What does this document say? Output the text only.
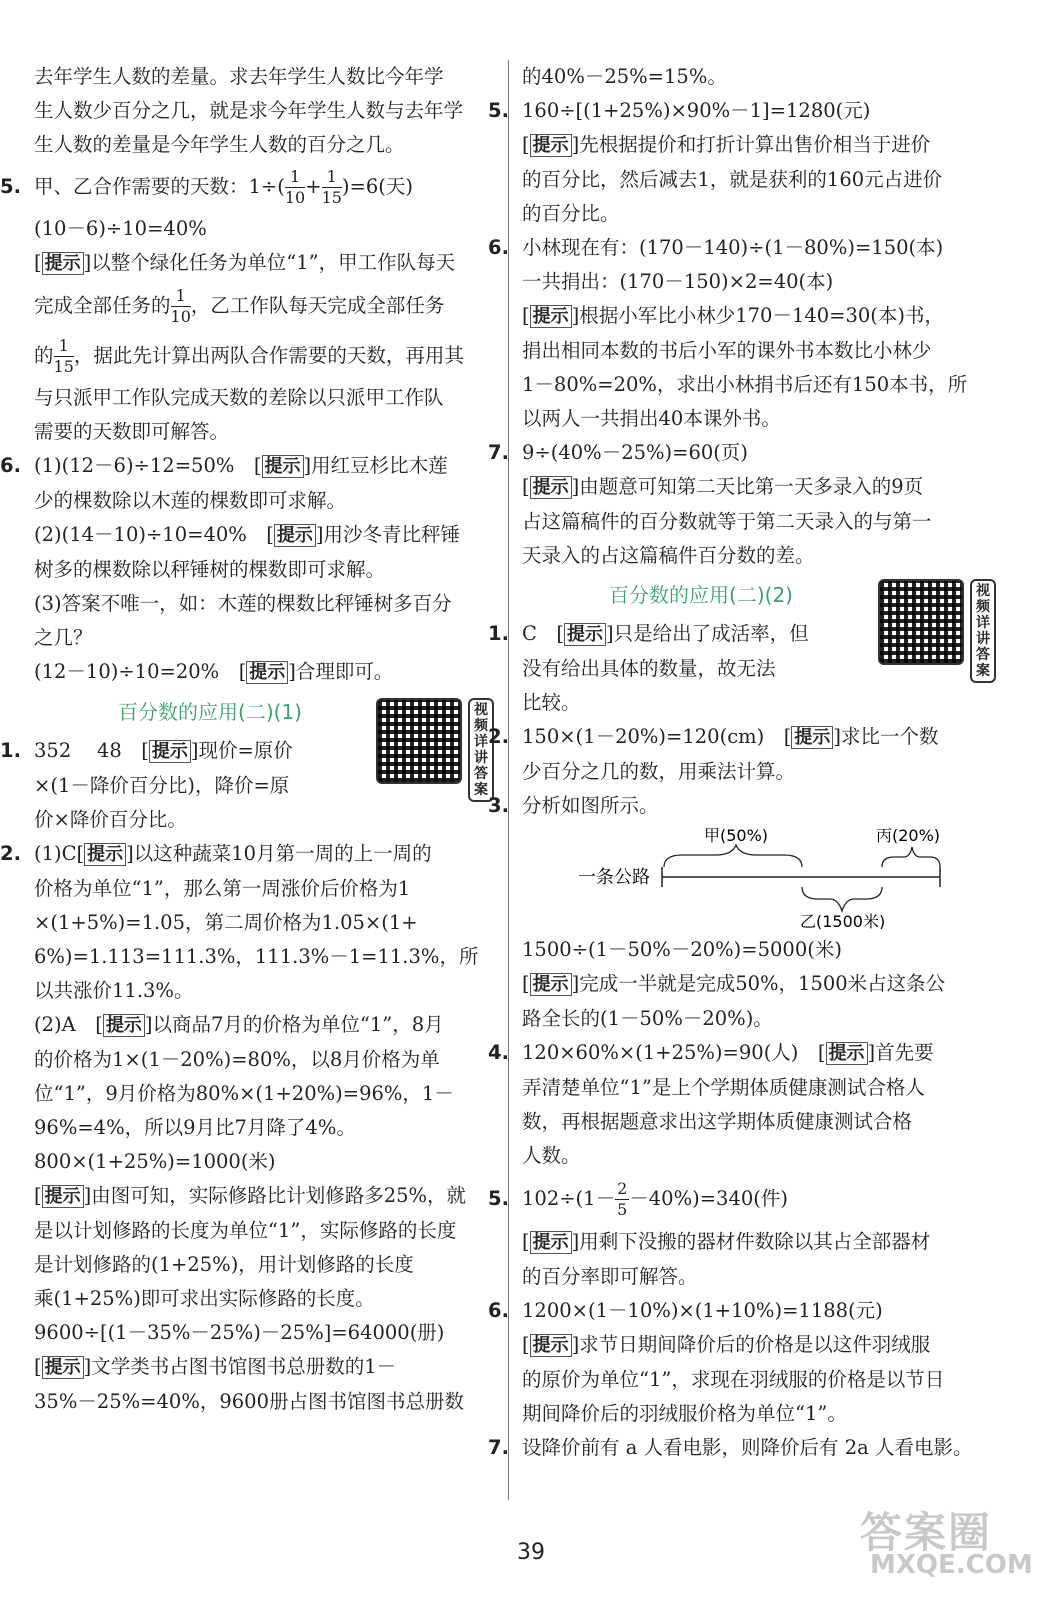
去年学生人数的差量。求去年学生人数比今年学

生人数少百分之几，就是求今年学生人数与去年学

生人数的差量是今年学生人数的百分之几。

5. 甲、乙合作需要的天数：$1\div( \frac{1}{10} + \frac{1}{15} )=6$(天)

(10－6)÷10=40%

[ 提示 ]以整个绿化任务为单位“1”，甲工作队每天

完成全部任务的 $\frac{1}{10}$ ，乙工作队每天完成全部任务

的 $\frac{1}{15}$ ，据此先计算出两队合作需要的天数，再用其

与只派甲工作队完成天数的差除以只派甲工作队

需要的天数即可解答。

6. (1)(12－6)÷12=50%　[ 提示 ]用红豆杉比木莲

少的棵数除以木莲的棵数即可求解。

(2)(14－10)÷10=40%　[ 提示 ]用沙冬青比秤锤

树多的棵数除以秤锤树的棵数即可求解。

(3)答案不唯一，如：木莲的棵数比秤锤树多百分

之几？

(12－10)÷10=20%　[ 提示 ]合理即可。

百分数的应用(二)(1)	视频详讲答案

1. 352　 48　[ 提示 ]现价=原价

×(1－降价百分比)，降价=原

价×降价百分比。

2. (1)C[ 提示 ]以这种蔬菜10月第一周的上一周的

价格为单位“1”，那么第一周涨价后价格为1

×(1+5%)=1.05，第二周价格为1.05×(1+

6%)=1.113=111.3%，111.3%－1=11.3%，所

以共涨价11.3%。

(2)A　[ 提示 ]以商品7月的价格为单位“1”，8月

的价格为1×(1－20%)=80%，以8月价格为单

位“1”，9月价格为80%×(1+20%)=96%，1－

96%=4%，所以9月比7月降了4%。

800×(1+25%)=1000(米)

[ 提示 ]由图可知，实际修路比计划修路多25%，就

是以计划修路的长度为单位“1”，实际修路的长度

是计划修路的(1+25%)，用计划修路的长度

乘(1+25%)即可求出实际修路的长度。

9600÷[(1－35%－25%)－25%]=64000(册)

[ 提示 ]文学类书占图书馆图书总册数的1－

35%－25%=40%，9600册占图书馆图书总册数

的40%－25%=15%。

5. 160÷[(1+25%)×90%－1]=1280(元)

[ 提示 ]先根据提价和打折计算出售价相当于进价

的百分比，然后减去1，就是获利的160元占进价

的百分比。

6. 小林现在有：(170－140)÷(1－80%)=150(本)

一共捐出：(170－150)×2=40(本)

[ 提示 ]根据小军比小林少170－140=30(本)书，

捐出相同本数的书后小军的课外书本数比小林少

1－80%=20%，求出小林捐书后还有150本书，所

以两人一共捐出40本课外书。

7. 9÷(40%－25%)=60(页)

[ 提示 ]由题意可知第二天比第一天多录入的9页

占这篇稿件的百分数就等于第二天录入的与第一

天录入的占这篇稿件百分数的差。

百分数的应用(二)(2)	视频详讲答案

1. C　[ 提示 ]只是给出了成活率，但

没有给出具体的数量，故无法

比较。

2. 150×(1－20%)=120(cm)　[ 提示 ]求比一个数

少百分之几的数，用乘法计算。

3. 分析如图所示。

一条公路
甲(50%)	丙(20%)
乙(1500米)

1500÷(1－50%－20%)=5000(米)

[ 提示 ]完成一半就是完成50%，1500米占这条公

路全长的(1－50%－20%)。

4. 120×60%×(1+25%)=90(人)　[ 提示 ]首先要

弄清楚单位“1”是上个学期体质健康测试合格人

数，再根据题意求出这学期体质健康测试合格

人数。

5. $102\div(1- \frac{2}{5} -40\%)=340$(件)

[ 提示 ]用剩下没搬的器材件数除以其占全部器材

的百分率即可解答。

6. 1200×(1－10%)×(1+10%)=1188(元)

[ 提示 ]求节日期间降价后的价格是以这件羽绒服

的原价为单位“1”，求现在羽绒服的价格是以节日

期间降价后的羽绒服价格为单位“1”。

7. 设降价前有 a 人看电影，则降价后有 2a 人看电影。

39	答案圈
MXQE.COM
